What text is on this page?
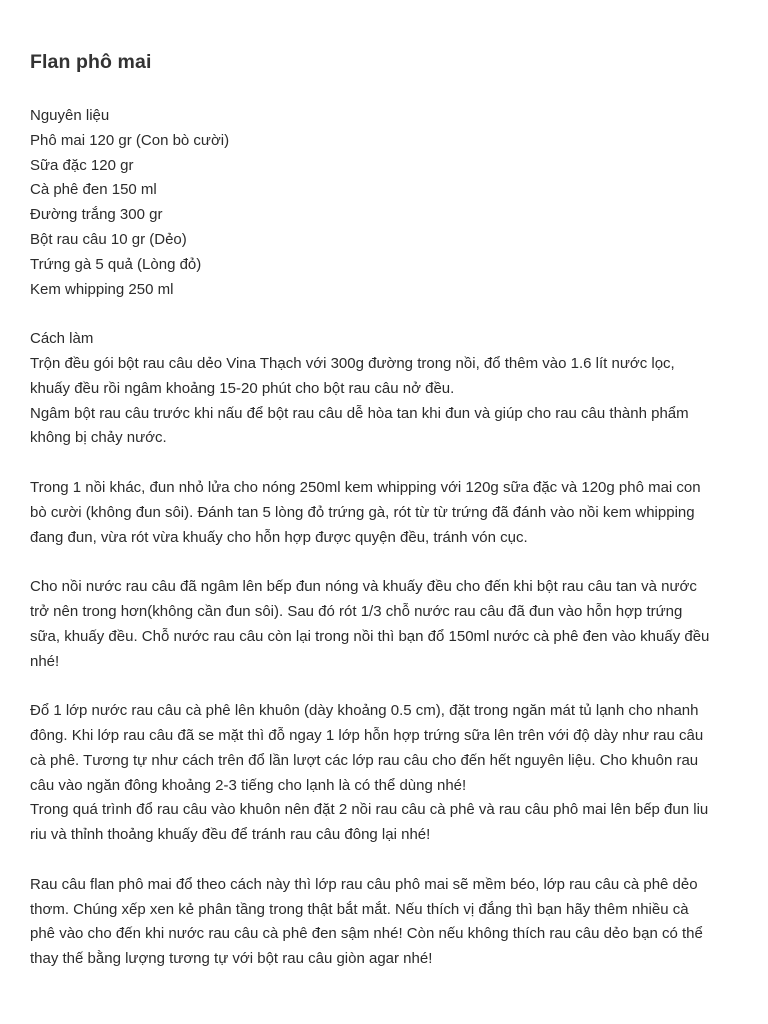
Flan phô mai
Nguyên liệu
Phô mai 120 gr (Con bò cười)
Sữa đặc 120 gr
Cà phê đen 150 ml
Đường trắng 300 gr
Bột rau câu 10 gr (Dẻo)
Trứng gà 5 quả (Lòng đỏ)
Kem whipping 250 ml
Cách làm
Trộn đều gói bột rau câu dẻo Vina Thạch với 300g đường trong nồi, đổ thêm vào 1.6 lít nước lọc,
khuấy đều rồi ngâm khoảng 15-20 phút cho bột rau câu nở đều.
Ngâm bột rau câu trước khi nấu để bột rau câu dễ hòa tan khi đun và giúp cho rau câu thành phẩm
không bị chảy nước.
Trong 1 nồi khác, đun nhỏ lửa cho nóng 250ml kem whipping với 120g sữa đặc và 120g phô mai con
bò cười (không đun sôi). Đánh tan 5 lòng đỏ trứng gà, rót từ từ trứng đã đánh vào nồi kem whipping
đang đun, vừa rót vừa khuấy cho hỗn hợp được quyện đều, tránh vón cục.
Cho nồi nước rau câu đã ngâm lên bếp đun nóng và khuấy đều cho đến khi bột rau câu tan và nước
trở nên trong hơn(không cần đun sôi). Sau đó rót 1/3 chỗ nước rau câu đã đun vào hỗn hợp trứng
sữa, khuấy đều. Chỗ nước rau câu còn lại trong nồi thì bạn đổ 150ml nước cà phê đen vào khuấy đều
nhé!
Đổ 1 lớp nước rau câu cà phê lên khuôn (dày khoảng 0.5 cm), đặt trong ngăn mát tủ lạnh cho nhanh
đông. Khi lớp rau câu đã se mặt thì đỗ ngay 1 lớp hỗn hợp trứng sữa lên trên với độ dày như rau câu
cà phê. Tương tự như cách trên đổ lần lượt các lớp rau câu cho đến hết nguyên liệu. Cho khuôn rau
câu vào ngăn đông khoảng 2-3 tiếng cho lạnh là có thể dùng nhé!
Trong quá trình đổ rau câu vào khuôn nên đặt 2 nồi rau câu cà phê và rau câu phô mai lên bếp đun liu
riu và thỉnh thoảng khuấy đều để tránh rau câu đông lại nhé!
Rau câu flan phô mai đổ theo cách này thì lớp rau câu phô mai sẽ mềm béo, lớp rau câu cà phê dẻo
thơm. Chúng xếp xen kẻ phân tầng trong thật bắt mắt. Nếu thích vị đắng thì bạn hãy thêm nhiều cà
phê vào cho đến khi nước rau câu cà phê đen sậm nhé! Còn nếu không thích rau câu dẻo bạn có thể
thay thế bằng lượng tương tự với bột rau câu giòn agar nhé!
